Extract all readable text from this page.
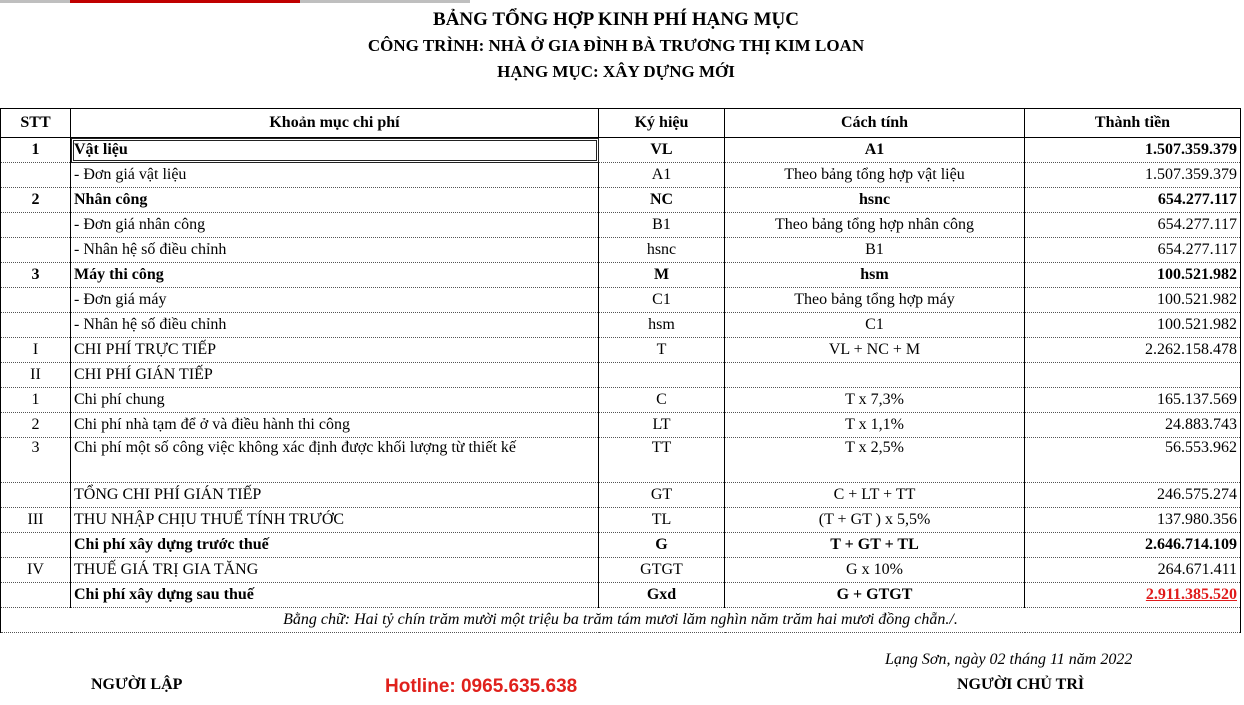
BẢNG TỔNG HỢP KINH PHÍ HẠNG MỤC
CÔNG TRÌNH: NHÀ Ở GIA ĐÌNH BÀ TRƯƠNG THỊ KIM LOAN
HẠNG MỤC: XÂY DỰNG MỚI
STT	Khoản mục chi phí	Ký hiệu	Cách tính	Thành tiền
1	Vật liệu	VL	A1	1.507.359.379
	- Đơn giá vật liệu	A1	Theo bảng tổng hợp vật liệu	1.507.359.379
2	Nhân công	NC	hsnc	654.277.117
	- Đơn giá nhân công	B1	Theo bảng tổng hợp nhân công	654.277.117
	- Nhân hệ số điều chỉnh	hsnc	B1	654.277.117
3	Máy thi công	M	hsm	100.521.982
	- Đơn giá máy	C1	Theo bảng tổng hợp máy	100.521.982
	- Nhân hệ số điều chỉnh	hsm	C1	100.521.982
I	CHI PHÍ TRỰC TIẾP	T	VL + NC + M	2.262.158.478
II	CHI PHÍ GIÁN TIẾP			
1	Chi phí chung	C	T x 7,3%	165.137.569
2	Chi phí nhà tạm để ở và điều hành thi công	LT	T x 1,1%	24.883.743
3	Chi phí một số công việc không xác định được khối lượng từ thiết kế	TT	T x 2,5%	56.553.962
	TỔNG CHI PHÍ GIÁN TIẾP	GT	C + LT + TT	246.575.274
III	THU NHẬP CHỊU THUẾ TÍNH TRƯỚC	TL	(T + GT ) x 5,5%	137.980.356
	Chi phí xây dựng trước thuế	G	T + GT + TL	2.646.714.109
IV	THUẾ GIÁ TRỊ GIA TĂNG	GTGT	G x 10%	264.671.411
	Chi phí xây dựng sau thuế	Gxd	G + GTGT	2.911.385.520
Bằng chữ: Hai tỷ chín trăm mười một triệu ba trăm tám mươi lăm nghìn năm trăm hai mươi đồng chẵn./.				
Lạng Sơn, ngày 02 tháng 11 năm 2022
NGƯỜI LẬP	Hotline: 0965.635.638	NGƯỜI CHỦ TRÌ
